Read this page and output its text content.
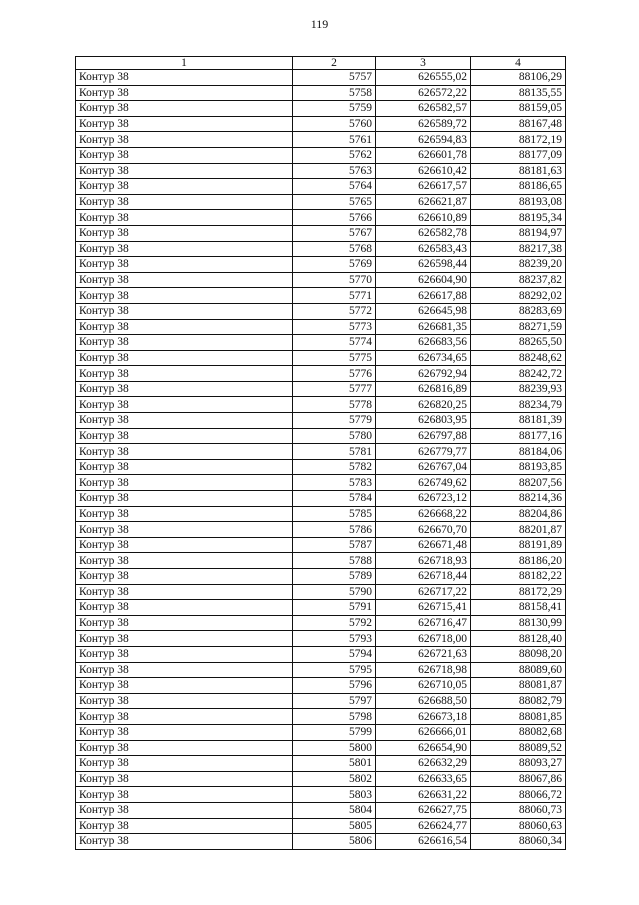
119
1	2	3	4
Контур 38	5757	626555,02	88106,29
Контур 38	5758	626572,22	88135,55
Контур 38	5759	626582,57	88159,05
Контур 38	5760	626589,72	88167,48
Контур 38	5761	626594,83	88172,19
Контур 38	5762	626601,78	88177,09
Контур 38	5763	626610,42	88181,63
Контур 38	5764	626617,57	88186,65
Контур 38	5765	626621,87	88193,08
Контур 38	5766	626610,89	88195,34
Контур 38	5767	626582,78	88194,97
Контур 38	5768	626583,43	88217,38
Контур 38	5769	626598,44	88239,20
Контур 38	5770	626604,90	88237,82
Контур 38	5771	626617,88	88292,02
Контур 38	5772	626645,98	88283,69
Контур 38	5773	626681,35	88271,59
Контур 38	5774	626683,56	88265,50
Контур 38	5775	626734,65	88248,62
Контур 38	5776	626792,94	88242,72
Контур 38	5777	626816,89	88239,93
Контур 38	5778	626820,25	88234,79
Контур 38	5779	626803,95	88181,39
Контур 38	5780	626797,88	88177,16
Контур 38	5781	626779,77	88184,06
Контур 38	5782	626767,04	88193,85
Контур 38	5783	626749,62	88207,56
Контур 38	5784	626723,12	88214,36
Контур 38	5785	626668,22	88204,86
Контур 38	5786	626670,70	88201,87
Контур 38	5787	626671,48	88191,89
Контур 38	5788	626718,93	88186,20
Контур 38	5789	626718,44	88182,22
Контур 38	5790	626717,22	88172,29
Контур 38	5791	626715,41	88158,41
Контур 38	5792	626716,47	88130,99
Контур 38	5793	626718,00	88128,40
Контур 38	5794	626721,63	88098,20
Контур 38	5795	626718,98	88089,60
Контур 38	5796	626710,05	88081,87
Контур 38	5797	626688,50	88082,79
Контур 38	5798	626673,18	88081,85
Контур 38	5799	626666,01	88082,68
Контур 38	5800	626654,90	88089,52
Контур 38	5801	626632,29	88093,27
Контур 38	5802	626633,65	88067,86
Контур 38	5803	626631,22	88066,72
Контур 38	5804	626627,75	88060,73
Контур 38	5805	626624,77	88060,63
Контур 38	5806	626616,54	88060,34
